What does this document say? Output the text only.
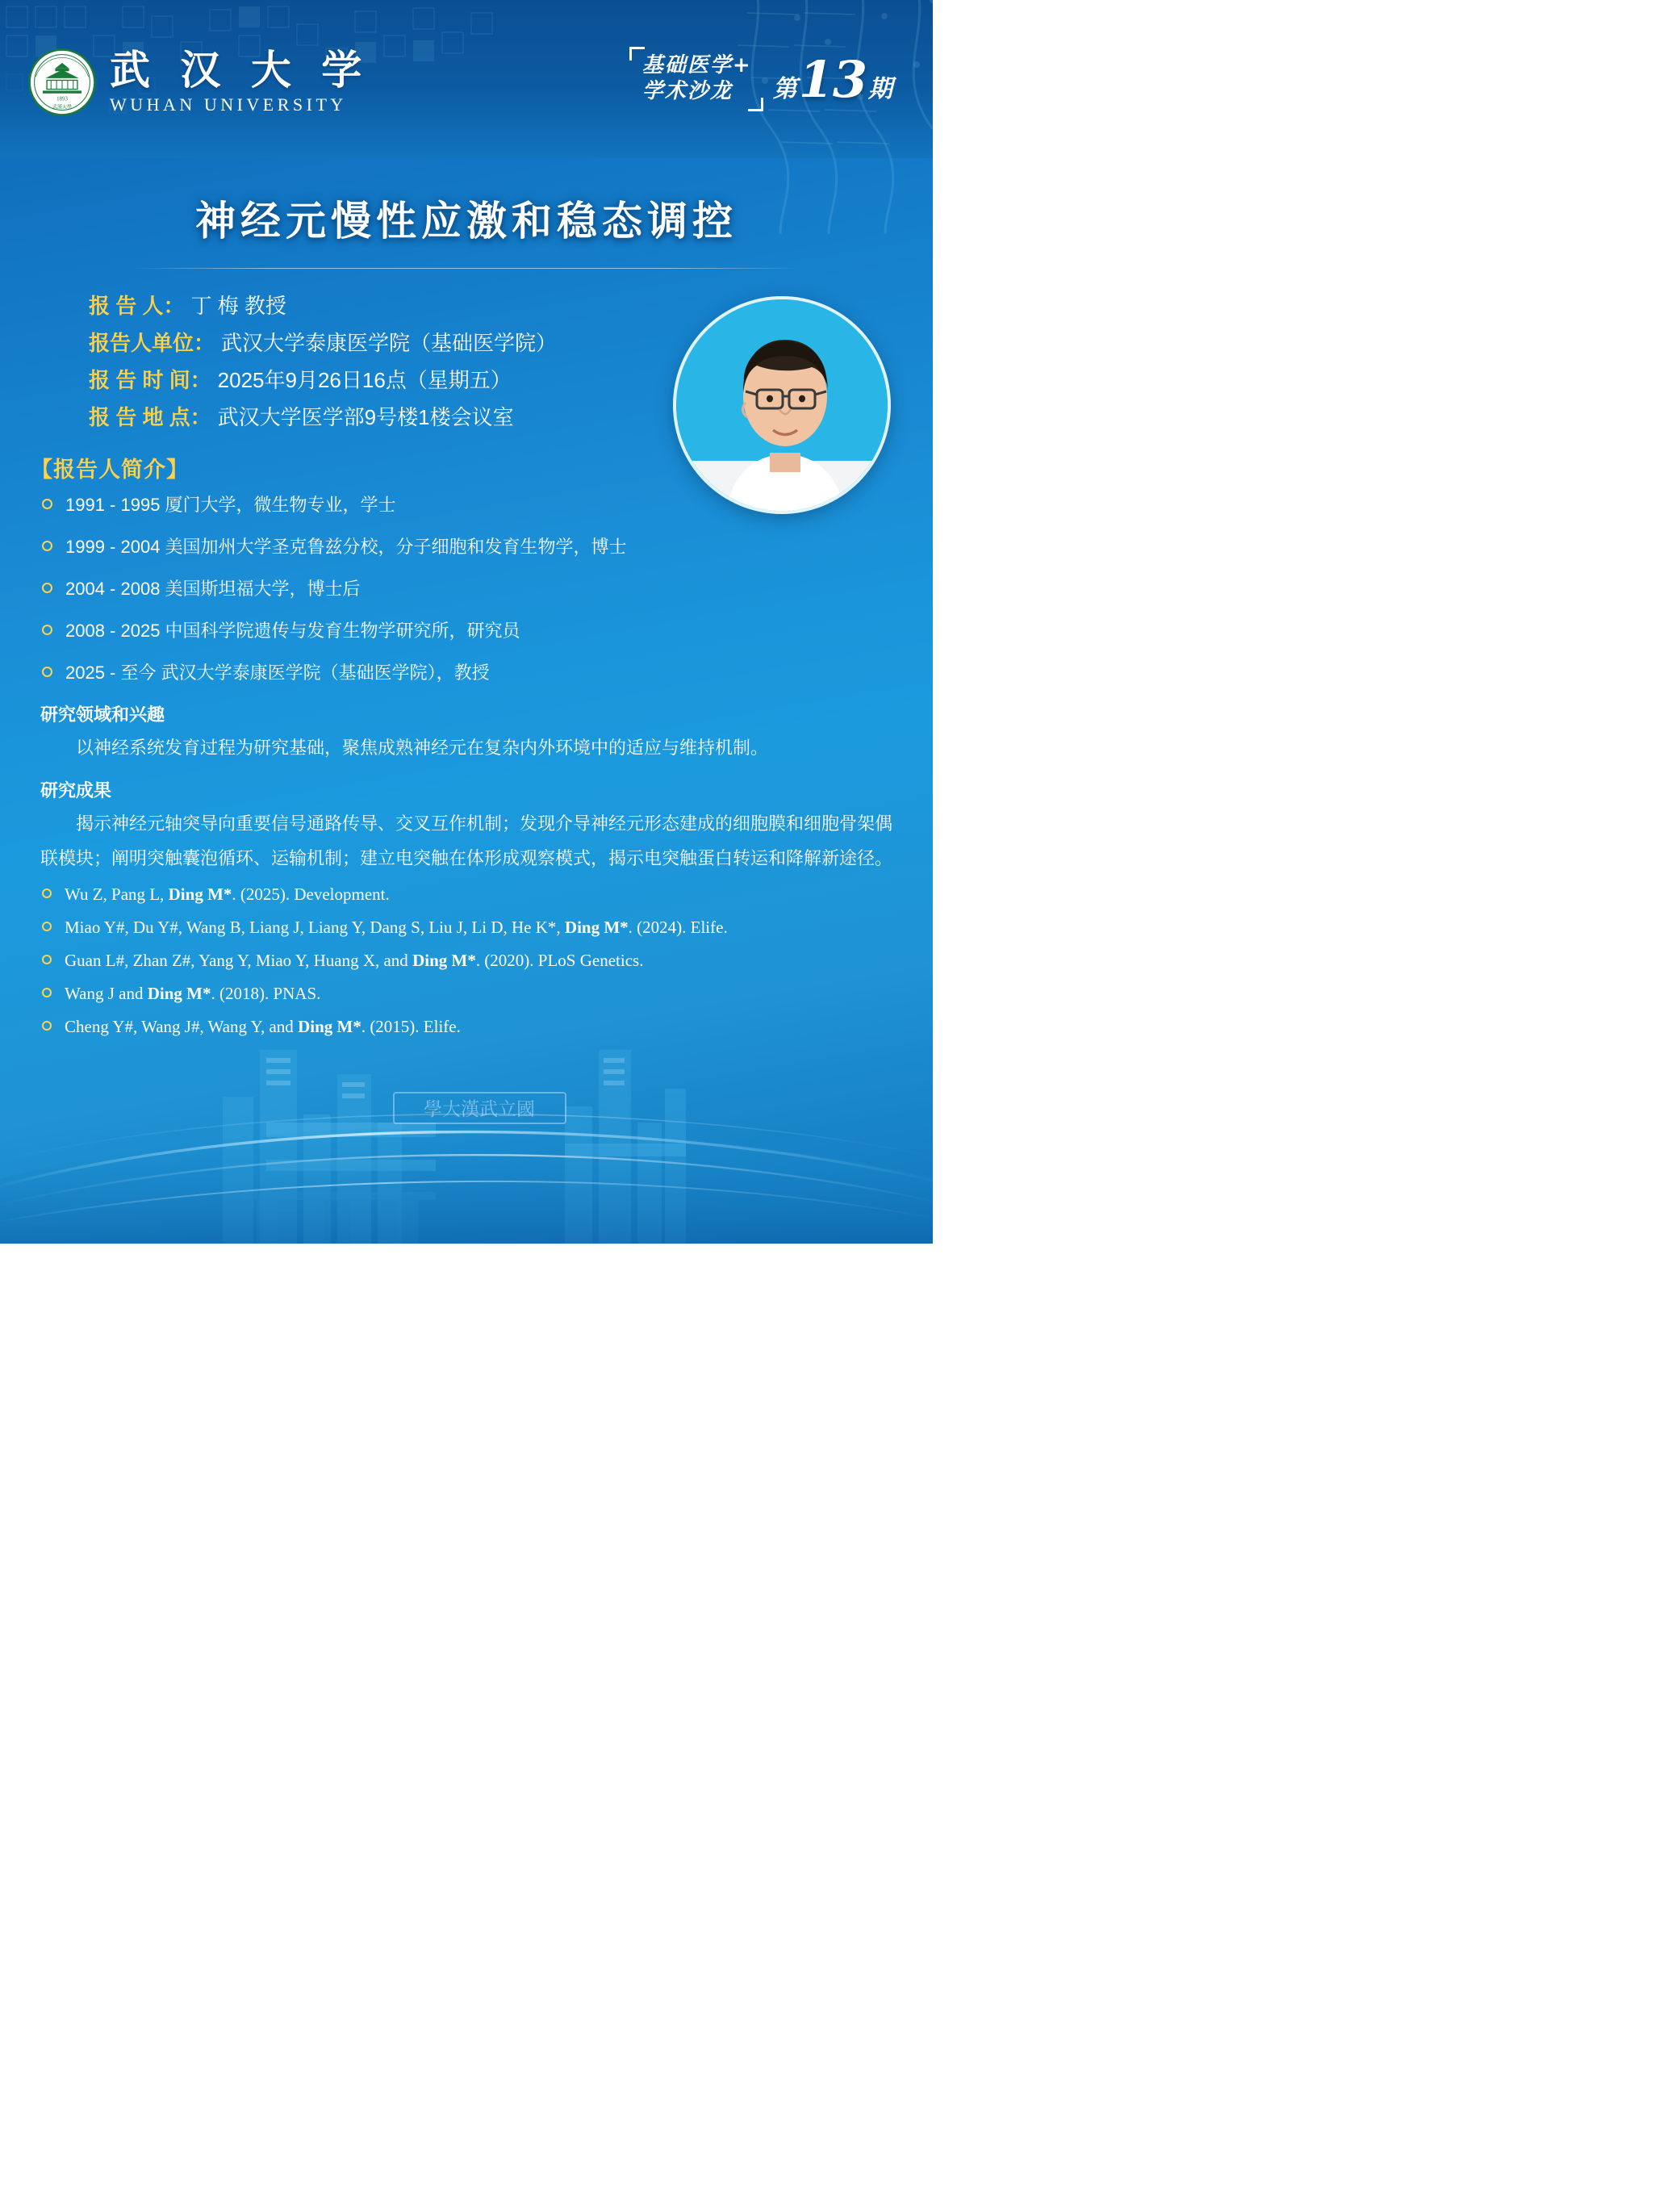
1893
武漢大學
武 汉 大 学
WUHAN UNIVERSITY
基础医学+
学术沙龙	第 13 期
神经元慢性应激和稳态调控
报 告 人： 丁 梅 教授
报告人单位： 武汉大学泰康医学院（基础医学院）
报 告 时 间： 2025年9月26日16点（星期五）
报 告 地 点： 武汉大学医学部9号楼1楼会议室
【报告人简介】
1991 - 1995 厦门大学，微生物专业，学士
1999 - 2004 美国加州大学圣克鲁兹分校，分子细胞和发育生物学，博士
2004 - 2008 美国斯坦福大学，博士后
2008 - 2025 中国科学院遗传与发育生物学研究所，研究员
2025 - 至今 武汉大学泰康医学院（基础医学院），教授
研究领域和兴趣

以神经系统发育过程为研究基础，聚焦成熟神经元在复杂内外环境中的适应与维持机制。

研究成果

揭示神经元轴突导向重要信号通路传导、交叉互作机制；发现介导神经元形态建成的细胞膜和细胞骨架偶联模块；阐明突触囊泡循环、运输机制；建立电突触在体形成观察模式，揭示电突触蛋白转运和降解新途径。

Wu Z, Pang L, Ding M*. (2025). Development.
Miao Y#, Du Y#, Wang B, Liang J, Liang Y, Dang S, Liu J, Li D, He K*, Ding M*. (2024). Elife.
Guan L#, Zhan Z#, Yang Y, Miao Y, Huang X, and Ding M*. (2020). PLoS Genetics.
Wang J and Ding M*. (2018). PNAS.
Cheng Y#, Wang J#, Wang Y, and Ding M*. (2015). Elife.
學大漢武立國
